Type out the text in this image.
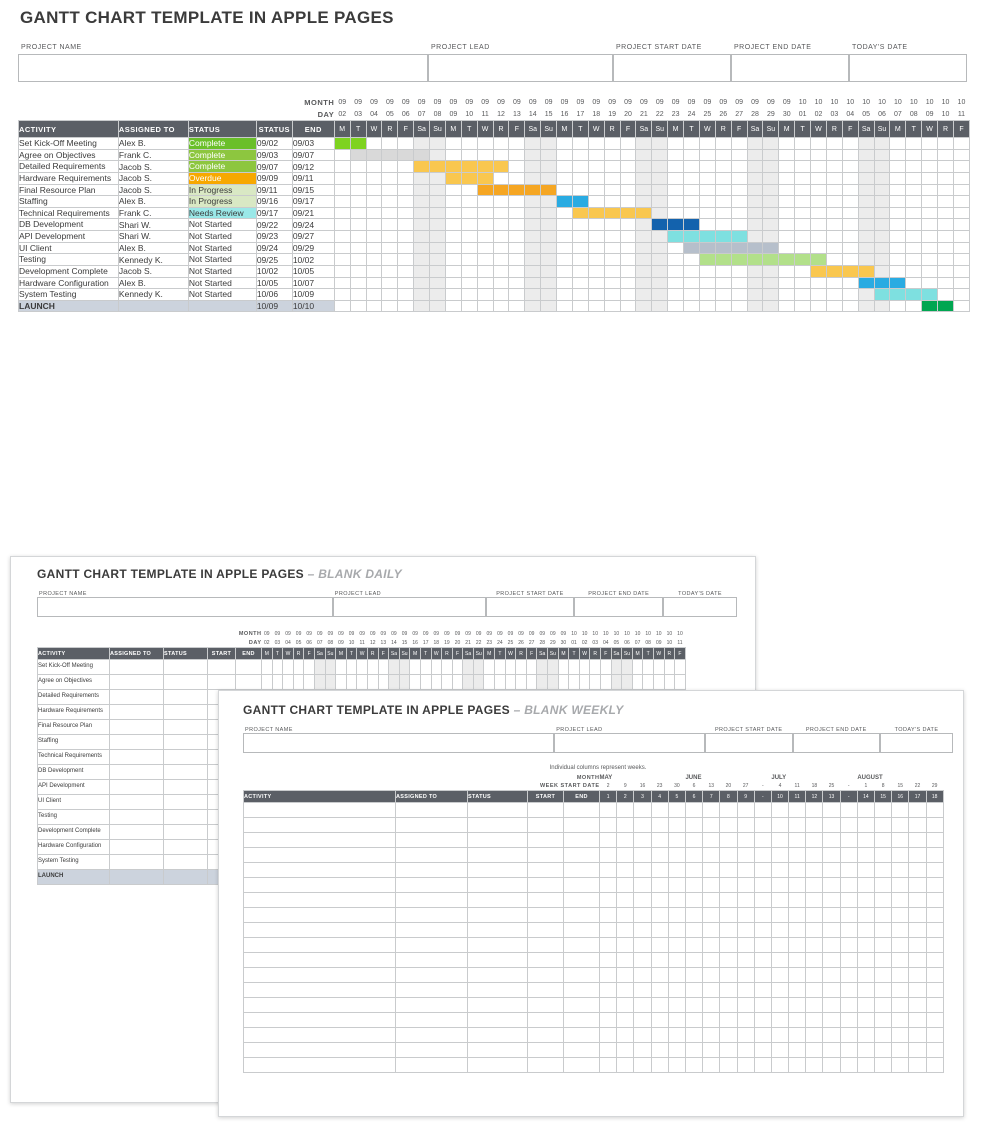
GANTT CHART TEMPLATE IN APPLE PAGES
PROJECT NAME	PROJECT LEAD	PROJECT START DATE	PROJECT END DATE	TODAY'S DATE
MONTH					09	09	09	09	09	09	09	09	09	09	09	09	09	09	09	09	09	09	09	09	09	09	09	09	09	09	09	09	09	10	10	10	10	10	10	10	10	10	10	10
DAY					02	03	04	05	06	07	08	09	10	11	12	13	14	15	16	17	18	19	20	21	22	23	24	25	26	27	28	29	30	01	02	03	04	05	06	07	08	09	10	11
ACTIVITY	ASSIGNED TO	STATUS	STATUS	END	M	T	W	R	F	Sa	Su	M	T	W	R	F	Sa	Su	M	T	W	R	F	Sa	Su	M	T	W	R	F	Sa	Su	M	T	W	R	F	Sa	Su	M	T	W	R	F
Set Kick-Off Meeting	Alex B.	Complete	09/02	09/03																																								
Agree on Objectives	Frank C.	Complete	09/03	09/07																																								
Detailed Requirements	Jacob S.	Complete	09/07	09/12																																								
Hardware Requirements	Jacob S.	Overdue	09/09	09/11																																								
Final Resource Plan	Jacob S.	In Progress	09/11	09/15																																								
Staffing	Alex B.	In Progress	09/16	09/17																																								
Technical Requirements	Frank C.	Needs Review	09/17	09/21																																								
DB Development	Shari W.	Not Started	09/22	09/24																																								
API Development	Shari W.	Not Started	09/23	09/27																																								
UI Client	Alex B.	Not Started	09/24	09/29																																								
Testing	Kennedy K.	Not Started	09/25	10/02																																								
Development Complete	Jacob S.	Not Started	10/02	10/05																																								
Hardware Configuration	Alex B.	Not Started	10/05	10/07																																								
System Testing	Kennedy K.	Not Started	10/06	10/09																																								
LAUNCH			10/09	10/10																																								
GANTT CHART TEMPLATE IN APPLE PAGES – BLANK DAILY
PROJECT NAME	PROJECT LEAD	PROJECT START DATE	PROJECT END DATE	TODAY'S DATE
MONTH					09	09	09	09	09	09	09	09	09	09	09	09	09	09	09	09	09	09	09	09	09	09	09	09	09	09	09	09	09	10	10	10	10	10	10	10	10	10	10	10
DAY					02	03	04	05	06	07	08	09	10	11	12	13	14	15	16	17	18	19	20	21	22	23	24	25	26	27	28	29	30	01	02	03	04	05	06	07	08	09	10	11
ACTIVITY	ASSIGNED TO	STATUS	START	END	M	T	W	R	F	Sa	Su	M	T	W	R	F	Sa	Su	M	T	W	R	F	Sa	Su	M	T	W	R	F	Sa	Su	M	T	W	R	F	Sa	Su	M	T	W	R	F
Set Kick-Off Meeting																																												
Agree on Objectives																																												
Detailed Requirements																																												
Hardware Requirements																																												
Final Resource Plan																																												
Staffing																																												
Technical Requirements																																												
DB Development																																												
API Development																																												
UI Client																																												
Testing																																												
Development Complete																																												
Hardware Configuration																																												
System Testing																																												
LAUNCH																																												
GANTT CHART TEMPLATE IN APPLE PAGES – BLANK WEEKLY
PROJECT NAME	PROJECT LEAD	PROJECT START DATE	PROJECT END DATE	TODAY'S DATE
Individual columns represent weeks.
MONTH					MAY					JUNE					JULY					AUGUST				
WEEK START DATE					2	9	16	23	30	6	13	20	27	-	4	11	18	25	-	1	8	15	22	29
ACTIVITY	ASSIGNED TO	STATUS	START	END	1	2	3	4	5	6	7	8	9	-	10	11	12	13	-	14	15	16	17	18
